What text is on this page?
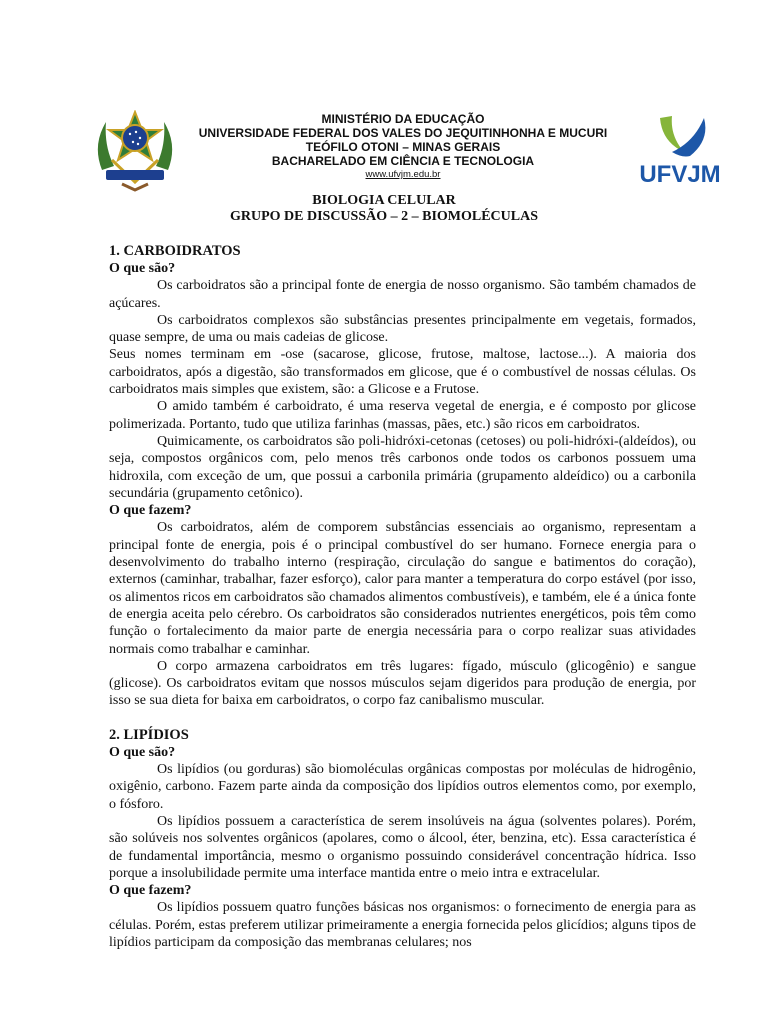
MINISTÉRIO DA EDUCAÇÃO
UNIVERSIDADE FEDERAL DOS VALES DO JEQUITINHONHA E MUCURI
TEÓFILO OTONI – MINAS GERAIS
BACHARELADO EM CIÊNCIA E TECNOLOGIA
www.ufvjm.edu.br	UFVJM
BIOLOGIA CELULAR
GRUPO DE DISCUSSÃO – 2 – BIOMOLÉCULAS
1. CARBOIDRATOS
O que são?

Os carboidratos são a principal fonte de energia de nosso organismo. São também chamados de açúcares.

Os carboidratos complexos são substâncias presentes principalmente em vegetais, formados, quase sempre, de uma ou mais cadeias de glicose.

Seus nomes terminam em -ose (sacarose, glicose, frutose, maltose, lactose...). A maioria dos carboidratos, após a digestão, são transformados em glicose, que é o combustível de nossas células. Os carboidratos mais simples que existem, são: a Glicose e a Frutose.

O amido também é carboidrato, é uma reserva vegetal de energia, e é composto por glicose polimerizada. Portanto, tudo que utiliza farinhas (massas, pães, etc.) são ricos em carboidratos.

Quimicamente, os carboidratos são poli-hidróxi-cetonas (cetoses) ou poli-hidróxi-(aldeídos), ou seja, compostos orgânicos com, pelo menos três carbonos onde todos os carbonos possuem uma hidroxila, com exceção de um, que possui a carbonila primária (grupamento aldeídico) ou a carbonila secundária (grupamento cetônico).

O que fazem?

Os carboidratos, além de comporem substâncias essenciais ao organismo, representam a principal fonte de energia, pois é o principal combustível do ser humano. Fornece energia para o desenvolvimento do trabalho interno (respiração, circulação do sangue e batimentos do coração), externos (caminhar, trabalhar, fazer esforço), calor para manter a temperatura do corpo estável (por isso, os alimentos ricos em carboidratos são chamados alimentos combustíveis), e também, ele é a única fonte de energia aceita pelo cérebro. Os carboidratos são considerados nutrientes energéticos, pois têm como função o fortalecimento da maior parte de energia necessária para o corpo realizar suas atividades normais como trabalhar e caminhar.

O corpo armazena carboidratos em três lugares: fígado, músculo (glicogênio) e sangue (glicose). Os carboidratos evitam que nossos músculos sejam digeridos para produção de energia, por isso se sua dieta for baixa em carboidratos, o corpo faz canibalismo muscular.

2. LIPÍDIOS
O que são?

Os lipídios (ou gorduras) são biomoléculas orgânicas compostas por moléculas de hidrogênio, oxigênio, carbono. Fazem parte ainda da composição dos lipídios outros elementos como, por exemplo, o fósforo.

Os lipídios possuem a característica de serem insolúveis na água (solventes polares). Porém, são solúveis nos solventes orgânicos (apolares, como o álcool, éter, benzina, etc). Essa característica é de fundamental importância, mesmo o organismo possuindo considerável concentração hídrica. Isso porque a insolubilidade permite uma interface mantida entre o meio intra e extracelular.

O que fazem?

Os lipídios possuem quatro funções básicas nos organismos: o fornecimento de energia para as células. Porém, estas preferem utilizar primeiramente a energia fornecida pelos glicídios; alguns tipos de lipídios participam da composição das membranas celulares; nos
